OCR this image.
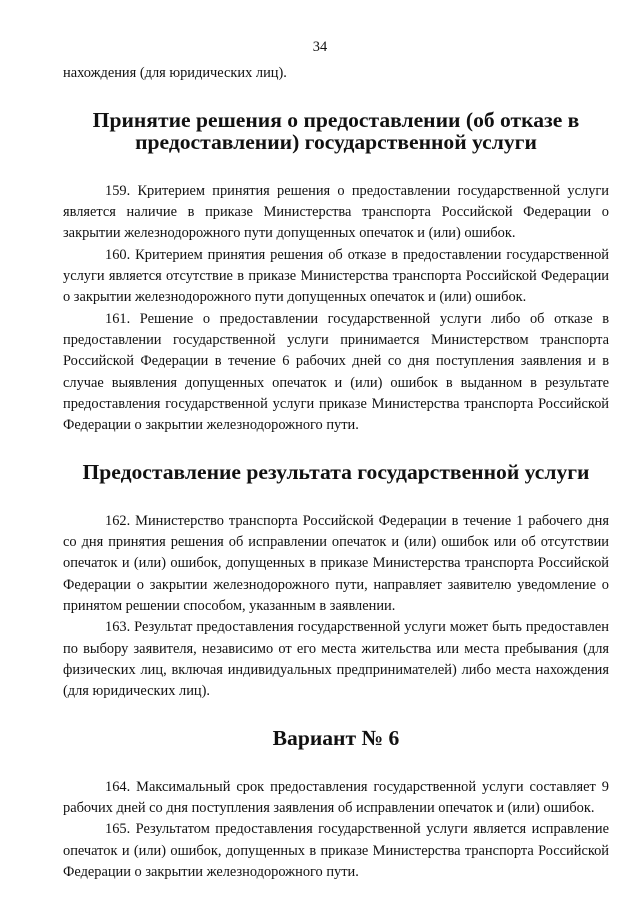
34

нахождения (для юридических лиц).

Принятие решения о предоставлении (об отказе в предоставлении) государственной услуги

159. Критерием принятия решения о предоставлении государственной услуги является наличие в приказе Министерства транспорта Российской Федерации о закрытии железнодорожного пути допущенных опечаток и (или) ошибок.

160. Критерием принятия решения об отказе в предоставлении государственной услуги является отсутствие в приказе Министерства транспорта Российской Федерации о закрытии железнодорожного пути допущенных опечаток и (или) ошибок.

161. Решение о предоставлении государственной услуги либо об отказе в предоставлении государственной услуги принимается Министерством транспорта Российской Федерации в течение 6 рабочих дней со дня поступления заявления и в случае выявления допущенных опечаток и (или) ошибок в выданном в результате предоставления государственной услуги приказе Министерства транспорта Российской Федерации о закрытии железнодорожного пути.

Предоставление результата государственной услуги

162. Министерство транспорта Российской Федерации в течение 1 рабочего дня со дня принятия решения об исправлении опечаток и (или) ошибок или об отсутствии опечаток и (или) ошибок, допущенных в приказе Министерства транспорта Российской Федерации о закрытии железнодорожного пути, направляет заявителю уведомление о принятом решении способом, указанным в заявлении.

163. Результат предоставления государственной услуги может быть предоставлен по выбору заявителя, независимо от его места жительства или места пребывания (для физических лиц, включая индивидуальных предпринимателей) либо места нахождения (для юридических лиц).

Вариант № 6

164. Максимальный срок предоставления государственной услуги составляет 9 рабочих дней со дня поступления заявления об исправлении опечаток и (или) ошибок.

165. Результатом предоставления государственной услуги является исправление опечаток и (или) ошибок, допущенных в приказе Министерства транспорта Российской Федерации о закрытии железнодорожного пути.
